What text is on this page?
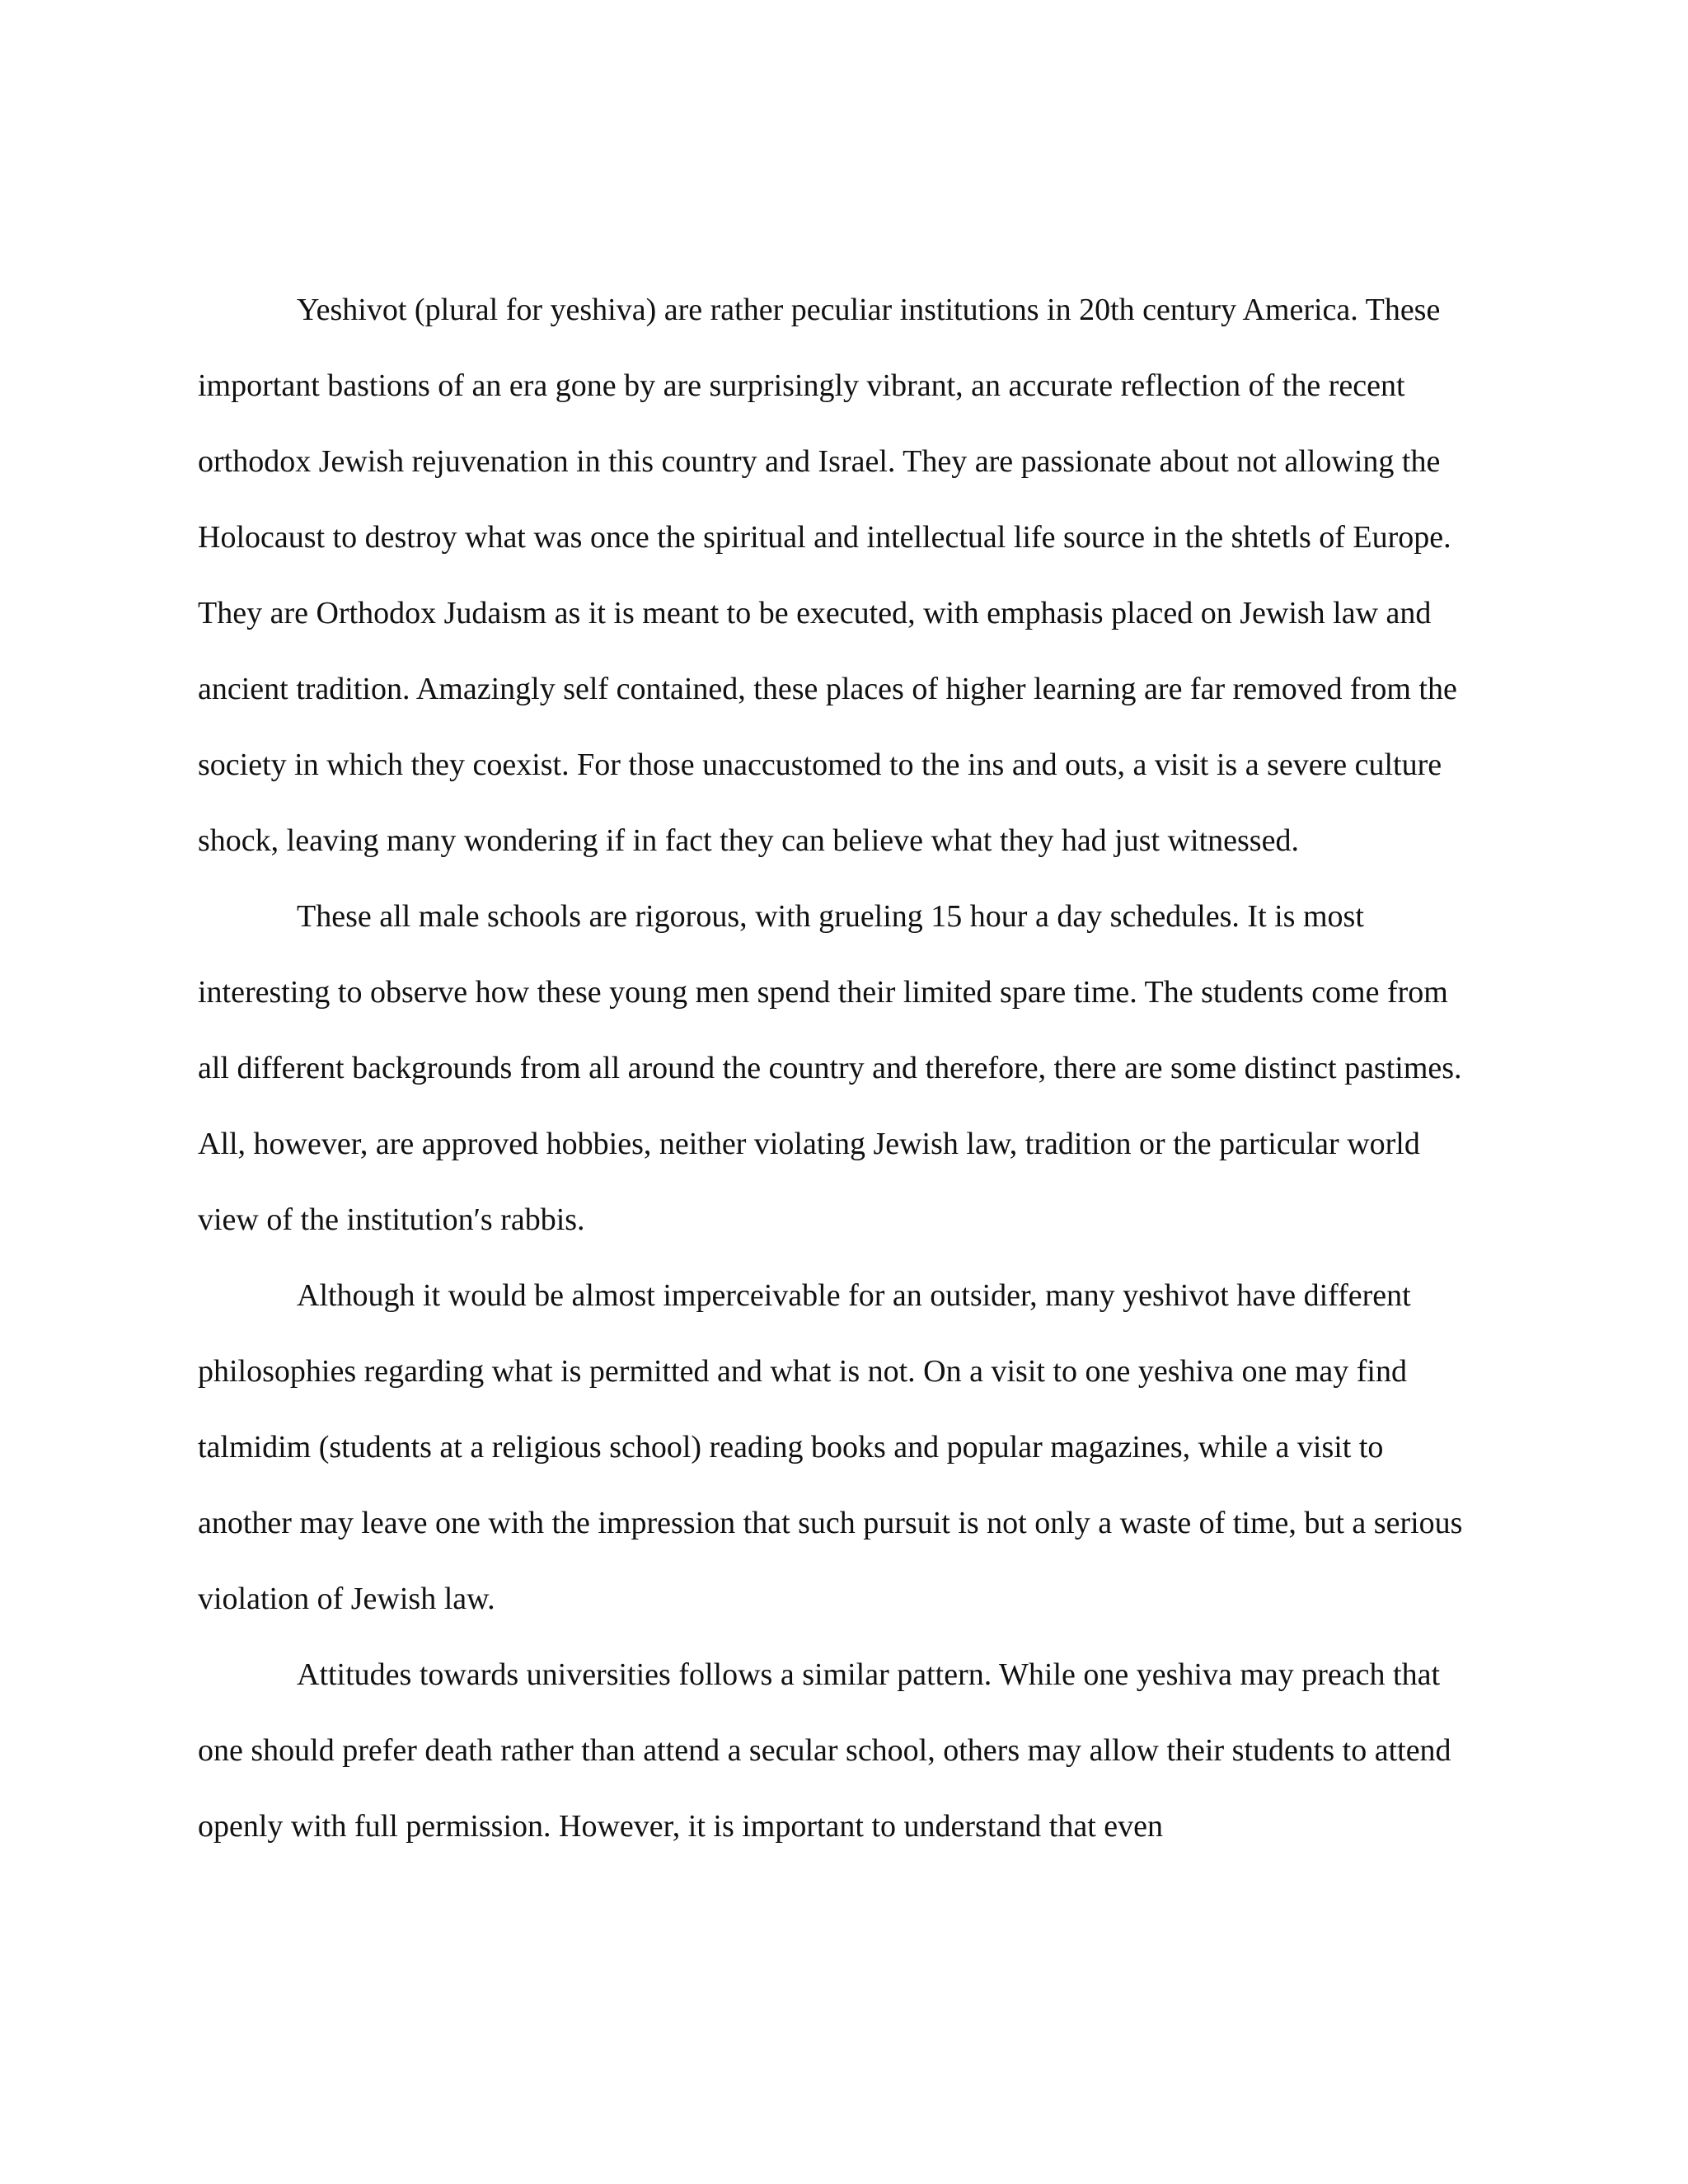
Yeshivot (plural for yeshiva) are rather peculiar institutions in 20th century America. These important bastions of an era gone by are surprisingly vibrant, an accurate reflection of the recent orthodox Jewish rejuvenation in this country and Israel. They are passionate about not allowing the Holocaust to destroy what was once the spiritual and intellectual life source in the shtetls of Europe. They are Orthodox Judaism as it is meant to be executed, with emphasis placed on Jewish law and ancient tradition. Amazingly self contained, these places of higher learning are far removed from the society in which they coexist. For those unaccustomed to the ins and outs, a visit is a severe culture shock, leaving many wondering if in fact they can believe what they had just witnessed.

These all male schools are rigorous, with grueling 15 hour a day schedules. It is most interesting to observe how these young men spend their limited spare time. The students come from all different backgrounds from all around the country and therefore, there are some distinct pastimes. All, however, are approved hobbies, neither violating Jewish law, tradition or the particular world view of the institution′s rabbis.

Although it would be almost imperceivable for an outsider, many yeshivot have different philosophies regarding what is permitted and what is not. On a visit to one yeshiva one may find talmidim (students at a religious school) reading books and popular magazines, while a visit to another may leave one with the impression that such pursuit is not only a waste of time, but a serious violation of Jewish law.

Attitudes towards universities follows a similar pattern. While one yeshiva may preach that one should prefer death rather than attend a secular school, others may allow their students to attend openly with full permission. However, it is important to understand that even
